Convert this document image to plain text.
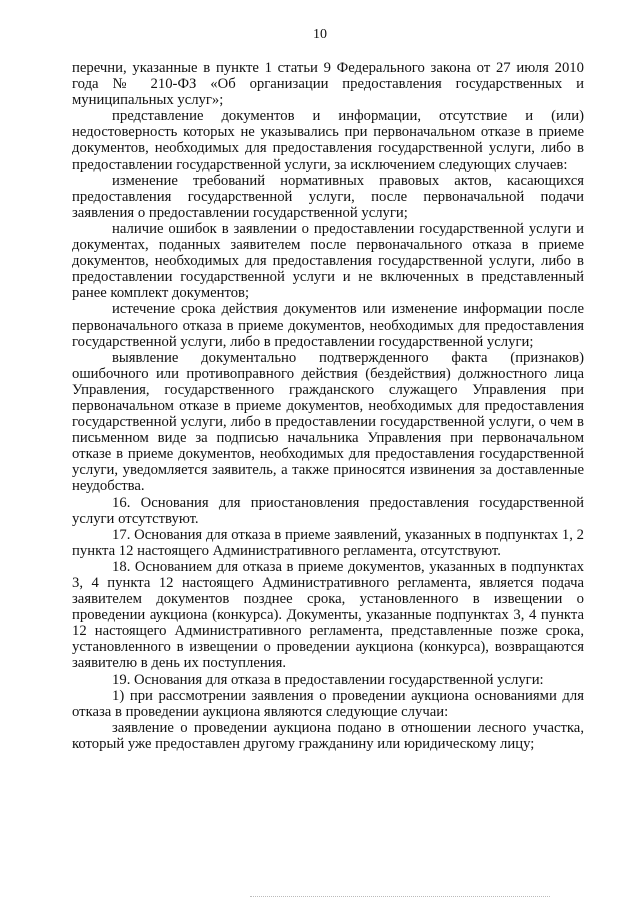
10

перечни, указанные в пункте 1 статьи 9 Федерального закона от 27 июля 2010 года № 210-ФЗ «Об организации предоставления государственных и муниципальных услуг»;

представление документов и информации, отсутствие и (или) недостоверность которых не указывались при первоначальном отказе в приеме документов, необходимых для предоставления государственной услуги, либо в предоставлении государственной услуги, за исключением следующих случаев:

изменение требований нормативных правовых актов, касающихся предоставления государственной услуги, после первоначальной подачи заявления о предоставлении государственной услуги;

наличие ошибок в заявлении о предоставлении государственной услуги и документах, поданных заявителем после первоначального отказа в приеме документов, необходимых для предоставления государственной услуги, либо в предоставлении государственной услуги и не включенных в представленный ранее комплект документов;

истечение срока действия документов или изменение информации после первоначального отказа в приеме документов, необходимых для предоставления государственной услуги, либо в предоставлении государственной услуги;

выявление документально подтвержденного факта (признаков) ошибочного или противоправного действия (бездействия) должностного лица Управления, государственного гражданского служащего Управления при первоначальном отказе в приеме документов, необходимых для предоставления государственной услуги, либо в предоставлении государственной услуги, о чем в письменном виде за подписью начальника Управления при первоначальном отказе в приеме документов, необходимых для предоставления государственной услуги, уведомляется заявитель, а также приносятся извинения за доставленные неудобства.

16. Основания для приостановления предоставления государственной услуги отсутствуют.

17. Основания для отказа в приеме заявлений, указанных в подпунктах 1, 2 пункта 12 настоящего Административного регламента, отсутствуют.

18. Основанием для отказа в приеме документов, указанных в подпунктах 3, 4 пункта 12 настоящего Административного регламента, является подача заявителем документов позднее срока, установленного в извещении о проведении аукциона (конкурса). Документы, указанные подпунктах 3, 4 пункта 12 настоящего Административного регламента, представленные позже срока, установленного в извещении о проведении аукциона (конкурса), возвращаются заявителю в день их поступления.

19. Основания для отказа в предоставлении государственной услуги:

1) при рассмотрении заявления о проведении аукциона основаниями для отказа в проведении аукциона являются следующие случаи:

заявление о проведении аукциона подано в отношении лесного участка, который уже предоставлен другому гражданину или юридическому лицу;
